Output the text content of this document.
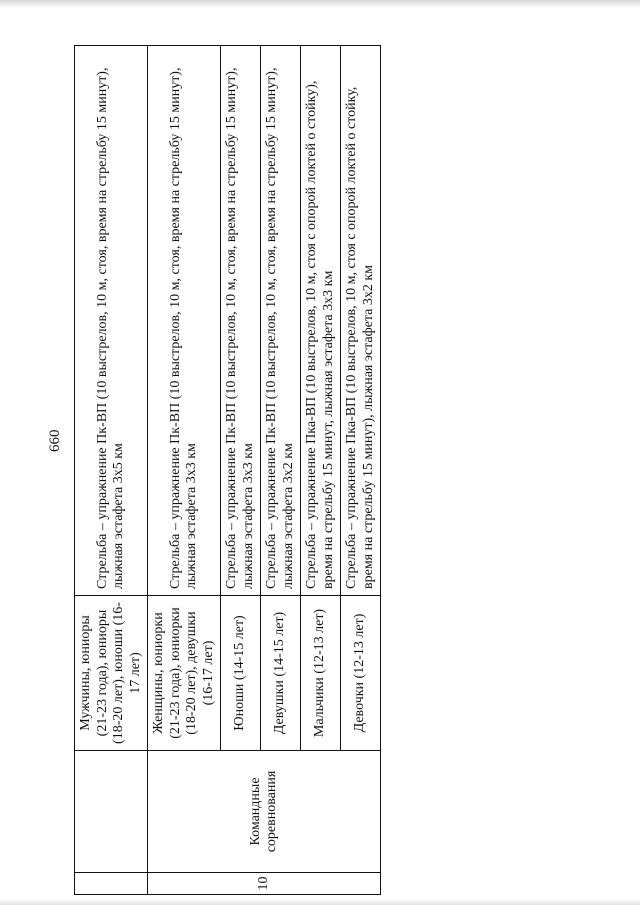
660
		Мужчины, юниоры (21-23 года), юниоры (18-20 лет), юноши (16-17 лет)	Стрельба – упражнение Пк-ВП (10 выстрелов, 10 м, стоя, время на стрельбу 15 минут), лыжная эстафета 3х5 км
10	Командные соревнования	Женщины, юниорки (21-23 года), юниорки (18-20 лет), девушки (16-17 лет)	Стрельба – упражнение Пк-ВП (10 выстрелов, 10 м, стоя, время на стрельбу 15 минут), лыжная эстафета 3х3 км
		Юноши (14-15 лет)	Стрельба – упражнение Пк-ВП (10 выстрелов, 10 м, стоя, время на стрельбу 15 минут), лыжная эстафета 3х3 км
		Девушки (14-15 лет)	Стрельба – упражнение Пк-ВП (10 выстрелов, 10 м, стоя, время на стрельбу 15 минут), лыжная эстафета 3х2 км
		Мальчики (12-13 лет)	Стрельба – упражнение Пка-ВП (10 выстрелов, 10 м, стоя с опорой локтей о стойку), время на стрельбу 15 минут, лыжная эстафета 3х3 км
		Девочки (12-13 лет)	Стрельба – упражнение Пка-ВП (10 выстрелов, 10 м, стоя с опорой локтей о стойку, время на стрельбу 15 минут), лыжная эстафета 3х2 км
